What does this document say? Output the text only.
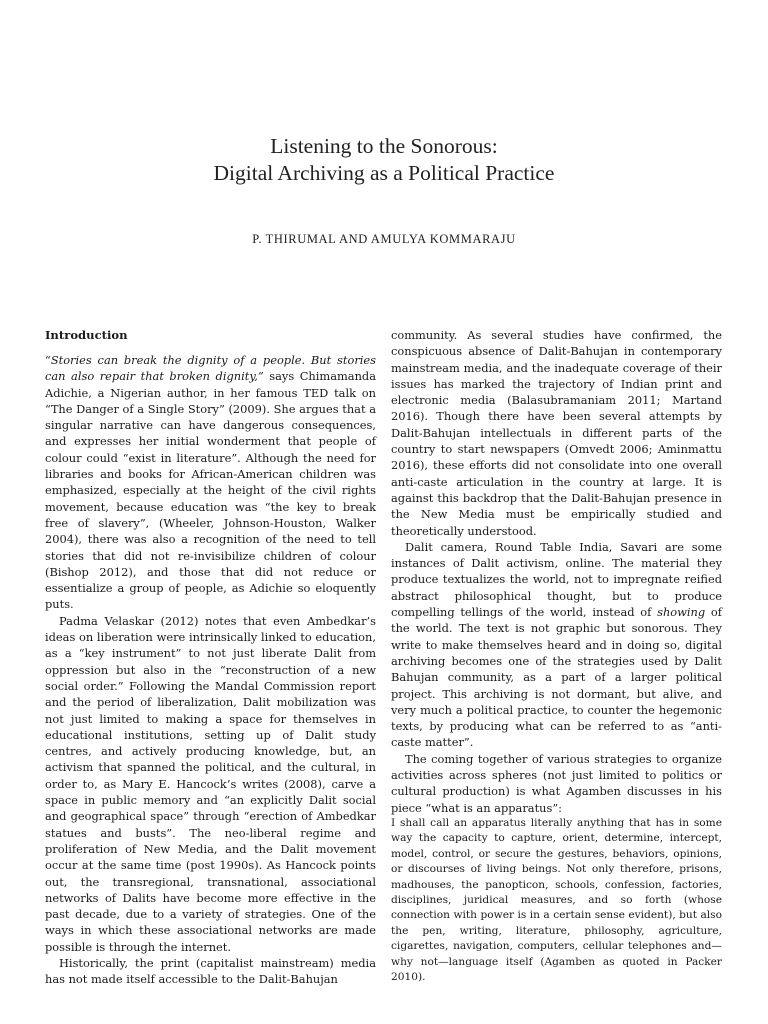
Listening to the Sonorous:
Digital Archiving as a Political Practice
P. THIRUMAL AND AMULYA KOMMARAJU
Introduction

“Stories can break the dignity of a people. But stories can also repair that broken dignity,” says Chimamanda Adichie, a Nigerian author, in her famous TED talk on “The Danger of a Single Story” (2009). She argues that a singular narrative can have dangerous consequences, and expresses her initial wonderment that people of colour could “exist in literature”. Although the need for libraries and books for African-American children was emphasized, especially at the height of the civil rights movement, because education was “the key to break free of slavery”, (Wheeler, Johnson-Houston, Walker 2004), there was also a recognition of the need to tell stories that did not re-invisibilize children of colour (Bishop 2012), and those that did not reduce or essentialize a group of people, as Adichie so eloquently puts.

Padma Velaskar (2012) notes that even Ambedkar’s ideas on liberation were intrinsically linked to education, as a “key instrument” to not just liberate Dalit from oppression but also in the “reconstruction of a new social order.” Following the Mandal Commission report and the period of liberalization, Dalit mobilization was not just limited to making a space for themselves in educational institutions, setting up of Dalit study centres, and actively producing knowledge, but, an activism that spanned the political, and the cultural, in order to, as Mary E. Hancock’s writes (2008), carve a space in public memory and “an explicitly Dalit social and geographical space” through “erection of Ambedkar statues and busts”. The neo-liberal regime and proliferation of New Media, and the Dalit movement occur at the same time (post 1990s). As Hancock points out, the transregional, transnational, associational networks of Dalits have become more effective in the past decade, due to a variety of strategies. One of the ways in which these associational networks are made possible is through the internet.

Historically, the print (capitalist mainstream) media has not made itself accessible to the Dalit-Bahujan

community. As several studies have confirmed, the conspicuous absence of Dalit-Bahujan in contemporary mainstream media, and the inadequate coverage of their issues has marked the trajectory of Indian print and electronic media (Balasubramaniam 2011; Martand 2016). Though there have been several attempts by Dalit-Bahujan intellectuals in different parts of the country to start newspapers (Omvedt 2006; Aminmattu 2016), these efforts did not consolidate into one overall anti-caste articulation in the country at large. It is against this backdrop that the Dalit-Bahujan presence in the New Media must be empirically studied and theoretically understood.

Dalit camera, Round Table India, Savari are some instances of Dalit activism, online. The material they produce textualizes the world, not to impregnate reified abstract philosophical thought, but to produce compelling tellings of the world, instead of showing of the world. The text is not graphic but sonorous. They write to make themselves heard and in doing so, digital archiving becomes one of the strategies used by Dalit Bahujan community, as a part of a larger political project. This archiving is not dormant, but alive, and very much a political practice, to counter the hegemonic texts, by producing what can be referred to as “anti-caste matter”.

The coming together of various strategies to organize activities across spheres (not just limited to politics or cultural production) is what Agamben discusses in his piece “what is an apparatus”:

I shall call an apparatus literally anything that has in some way the capacity to capture, orient, determine, intercept, model, control, or secure the gestures, behaviors, opinions, or discourses of living beings. Not only therefore, prisons, madhouses, the panopticon, schools, confession, factories, disciplines, juridical measures, and so forth (whose connection with power is in a certain sense evident), but also the pen, writing, literature, philosophy, agriculture, cigarettes, navigation, computers, cellular telephones and—why not—language itself (Agamben as quoted in Packer 2010).
